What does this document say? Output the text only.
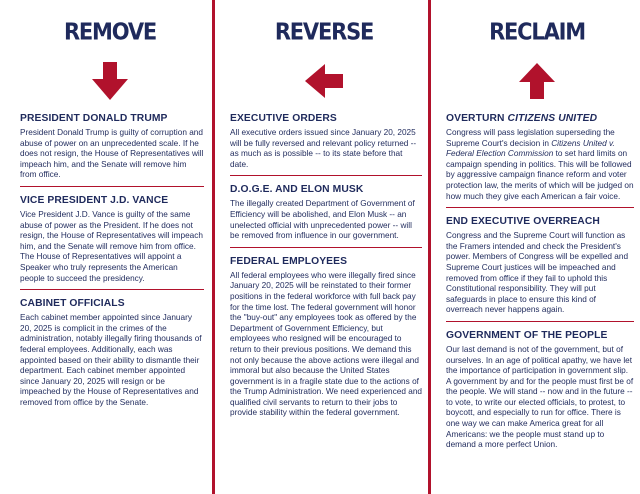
REMOVE
PRESIDENT DONALD TRUMP

President Donald Trump is guilty of corruption and abuse of power on an unprecedented scale. If he does not resign, the House of Representatives will impeach him, and the Senate will remove him from office.

VICE PRESIDENT J.D. VANCE

Vice President J.D. Vance is guilty of the same abuse of power as the President. If he does not resign, the House of Representatives will impeach him, and the Senate will remove him from office. The House of Representatives will appoint a Speaker who truly represents the American people to succeed the presidency.

CABINET OFFICIALS

Each cabinet member appointed since January 20, 2025 is complicit in the crimes of the administration, notably illegally firing thousands of federal employees. Additionally, each was appointed based on their ability to dismantle their department. Each cabinet member appointed since January 20, 2025 will resign or be impeached by the House of Representatives and removed from office by the Senate.

REVERSE
EXECUTIVE ORDERS

All executive orders issued since January 20, 2025 will be fully reversed and relevant policy returned -- as much as is possible -- to its state before that date.

D.O.G.E. AND ELON MUSK

The illegally created Department of Government of Efficiency will be abolished, and Elon Musk -- an unelected official with unprecedented power -- will be removed from influence in our government.

FEDERAL EMPLOYEES

All federal employees who were illegally fired since January 20, 2025 will be reinstated to their former positions in the federal workforce with full back pay for the time lost. The federal government will honor the "buy-out" any employees took as offered by the Department of Government Efficiency, but employees who resigned will be encouraged to return to their previous positions. We demand this not only because the above actions were illegal and immoral but also because the United States government is in a fragile state due to the actions of the Trump Administration. We need experienced and qualified civil servants to return to their jobs to provide stability within the federal government.

RECLAIM
OVERTURN CITIZENS UNITED

Congress will pass legislation superseding the Supreme Court's decision in Citizens United v. Federal Election Commission to set hard limits on campaign spending in politics. This will be followed by aggressive campaign finance reform and voter protection law, the merits of which will be judged on how much they give each American a fair voice.

END EXECUTIVE OVERREACH

Congress and the Supreme Court will function as the Framers intended and check the President's power. Members of Congress will be expelled and Supreme Court justices will be impeached and removed from office if they fail to uphold this Constitutional responsibility. They will put safeguards in place to ensure this kind of overreach never happens again.

GOVERNMENT OF THE PEOPLE

Our last demand is not of the government, but of ourselves. In an age of political apathy, we have let the importance of participation in government slip. A government by and for the people must first be of the people. We will stand -- now and in the future -- to vote, to write our elected officials, to protest, to boycott, and especially to run for office. There is one way we can make America great for all Americans: we the people must stand up to demand a more perfect Union.
